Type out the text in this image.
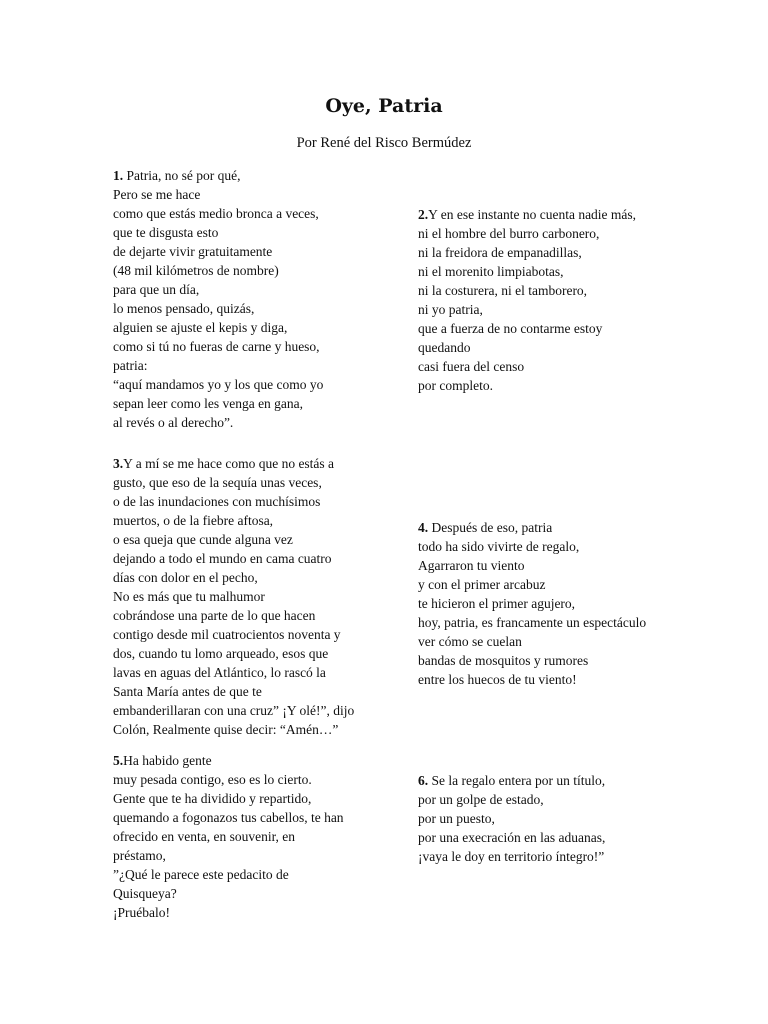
Oye, Patria
Por René del Risco Bermúdez
1. Patria, no sé por qué,
Pero se me hace
como que estás medio bronca a veces,
que te disgusta esto
de dejarte vivir gratuitamente
(48 mil kilómetros de nombre)
para que un día,
lo menos pensado, quizás,
alguien se ajuste el kepis y diga,
como si tú no fueras de carne y hueso,
patria:
“aquí mandamos yo y los que como yo
sepan leer como les venga en gana,
al revés o al derecho”.
2.Y en ese instante no cuenta nadie más,
ni el hombre del burro carbonero,
ni la freidora de empanadillas,
ni el morenito limpiabotas,
ni la costurera, ni el tamborero,
ni yo patria,
que a fuerza de no contarme estoy
quedando
casi fuera del censo
por completo.
3.Y a mí se me hace como que no estás a
gusto, que eso de la sequía unas veces,
o de las inundaciones con muchísimos
muertos, o de la fiebre aftosa,
o esa queja que cunde alguna vez
dejando a todo el mundo en cama cuatro
días con dolor en el pecho,
No es más que tu malhumor
cobrándose una parte de lo que hacen
contigo desde mil cuatrocientos noventa y
dos, cuando tu lomo arqueado, esos que
lavas en aguas del Atlántico, lo rascó la
Santa María antes de que te
embanderillaran con una cruz” ¡Y olé!”, dijo
Colón, Realmente quise decir: “Amén…”
4. Después de eso, patria
todo ha sido vivirte de regalo,
Agarraron tu viento
y con el primer arcabuz
te hicieron el primer agujero,
hoy, patria, es francamente un espectáculo
ver cómo se cuelan
bandas de mosquitos y rumores
entre los huecos de tu viento!
5.Ha habido gente
muy pesada contigo, eso es lo cierto.
Gente que te ha dividido y repartido,
quemando a fogonazos tus cabellos, te han
ofrecido en venta, en souvenir, en
préstamo,
”¿Qué le parece este pedacito de
Quisqueya?
¡Pruébalo!
6. Se la regalo entera por un título,
por un golpe de estado,
por un puesto,
por una execración en las aduanas,
¡vaya le doy en territorio íntegro!”
